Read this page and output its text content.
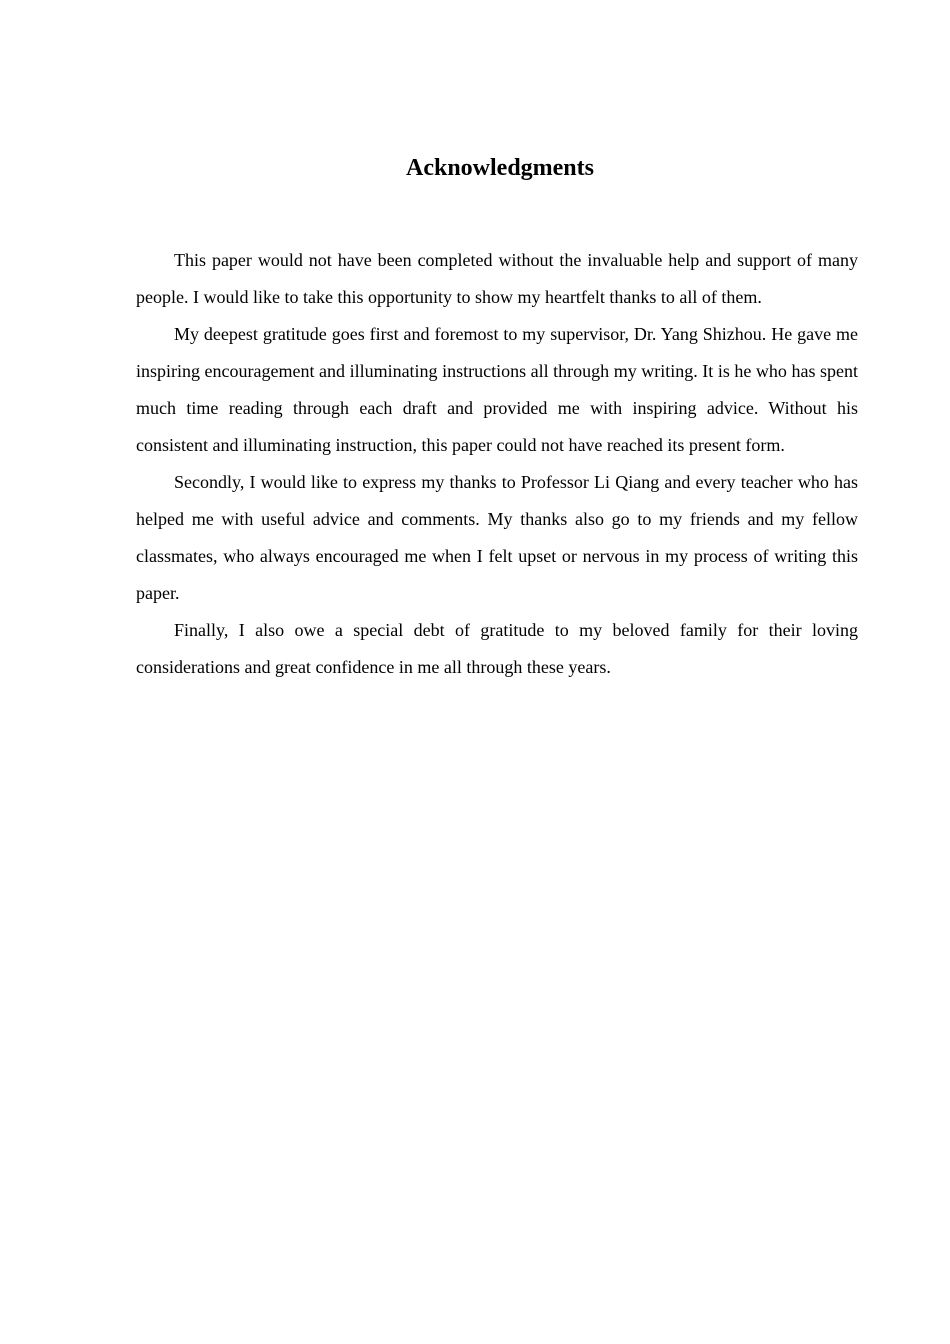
Acknowledgments

This paper would not have been completed without the invaluable help and support of many people. I would like to take this opportunity to show my heartfelt thanks to all of them.

My deepest gratitude goes first and foremost to my supervisor, Dr. Yang Shizhou. He gave me inspiring encouragement and illuminating instructions all through my writing. It is he who has spent much time reading through each draft and provided me with inspiring advice. Without his consistent and illuminating instruction, this paper could not have reached its present form.

Secondly, I would like to express my thanks to Professor Li Qiang and every teacher who has helped me with useful advice and comments. My thanks also go to my friends and my fellow classmates, who always encouraged me when I felt upset or nervous in my process of writing this paper.

Finally, I also owe a special debt of gratitude to my beloved family for their loving considerations and great confidence in me all through these years.
